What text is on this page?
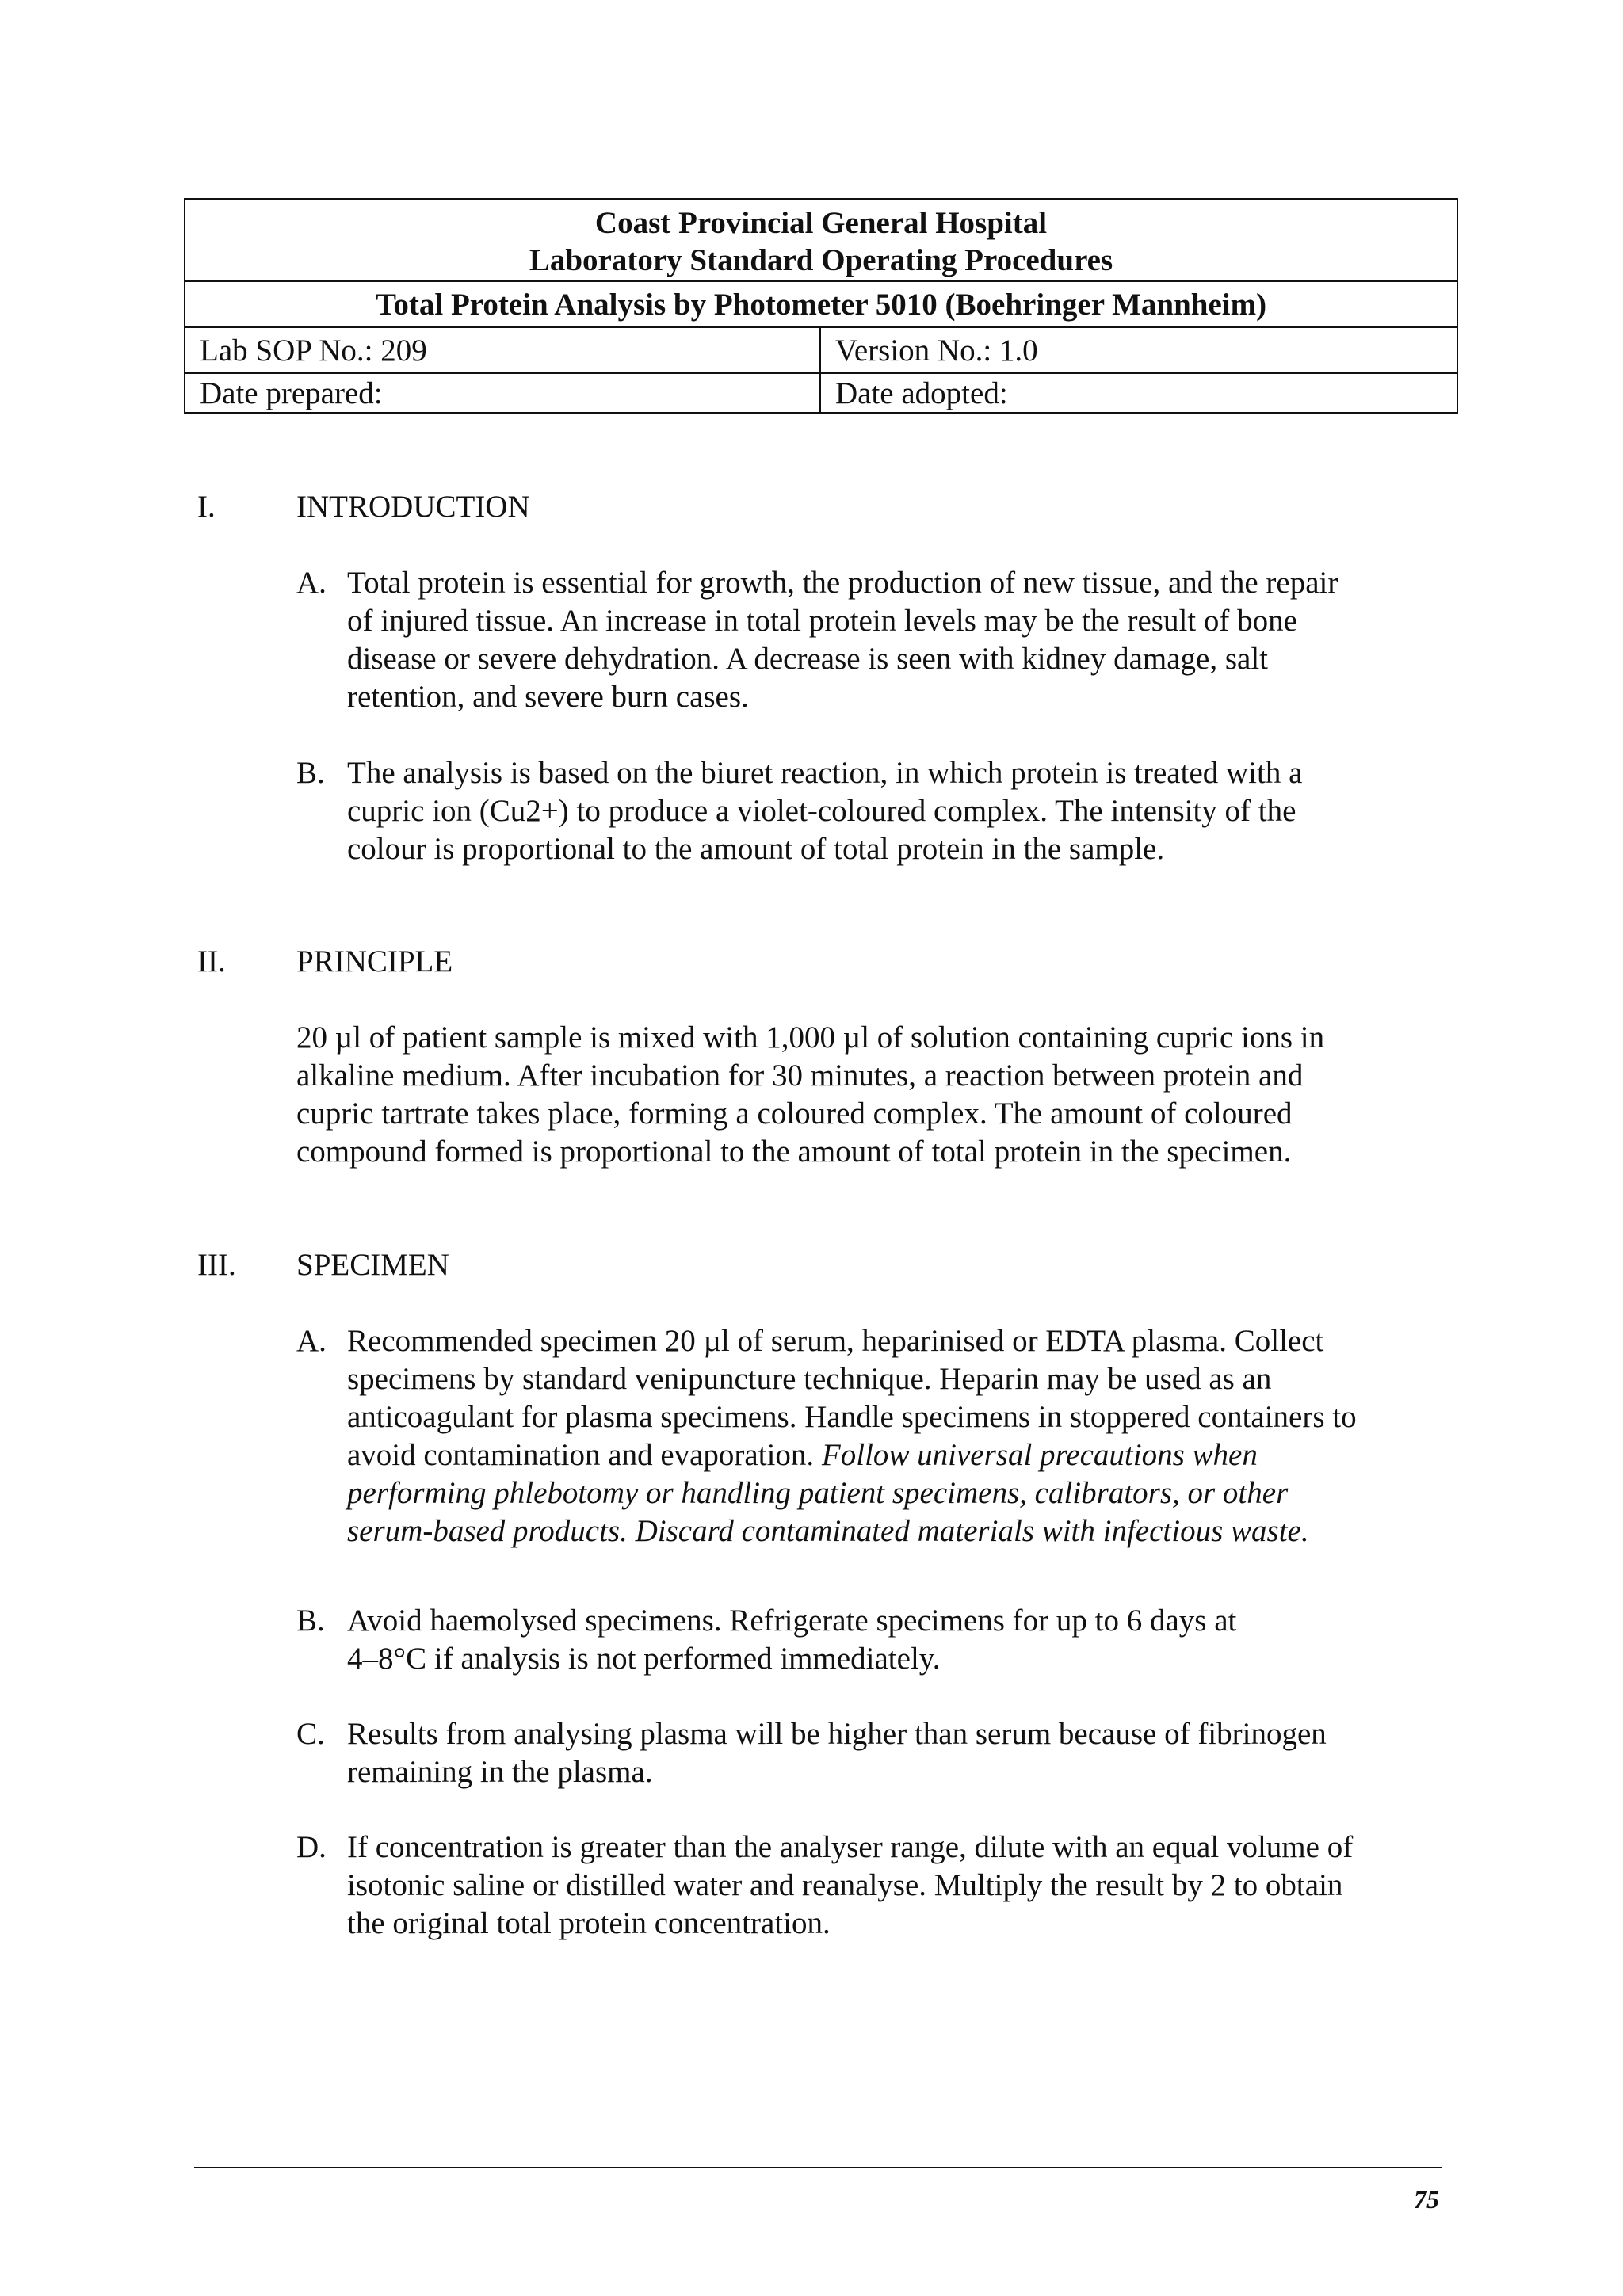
Coast Provincial General Hospital
Laboratory Standard Operating Procedures	

Total Protein Analysis by Photometer 5010 (Boehringer Mannheim)	
Lab SOP No.: 209	Version No.: 1.0
Date prepared:	Date adopted:
I.	INTRODUCTION
A. Total protein is essential for growth, the production of new tissue, and the repair
of injured tissue. An increase in total protein levels may be the result of bone
disease or severe dehydration. A decrease is seen with kidney damage, salt
retention, and severe burn cases.
B. The analysis is based on the biuret reaction, in which protein is treated with a
cupric ion (Cu2+) to produce a violet-coloured complex. The intensity of the
colour is proportional to the amount of total protein in the sample.
II. PRINCIPLE
20 µl of patient sample is mixed with 1,000 µl of solution containing cupric ions in
alkaline medium. After incubation for 30 minutes, a reaction between protein and
cupric tartrate takes place, forming a coloured complex. The amount of coloured
compound formed is proportional to the amount of total protein in the specimen.
III. SPECIMEN
A. Recommended specimen 20 µl of serum, heparinised or EDTA plasma. Collect
specimens by standard venipuncture technique. Heparin may be used as an
anticoagulant for plasma specimens. Handle specimens in stoppered containers to
avoid contamination and evaporation. Follow universal precautions when
performing phlebotomy or handling patient specimens, calibrators, or other
serum-based products. Discard contaminated materials with infectious waste.
B. Avoid haemolysed specimens. Refrigerate specimens for up to 6 days at
4–8°C if analysis is not performed immediately.
C. Results from analysing plasma will be higher than serum because of fibrinogen
remaining in the plasma.
D. If concentration is greater than the analyser range, dilute with an equal volume of
isotonic saline or distilled water and reanalyse. Multiply the result by 2 to obtain
the original total protein concentration.
75
